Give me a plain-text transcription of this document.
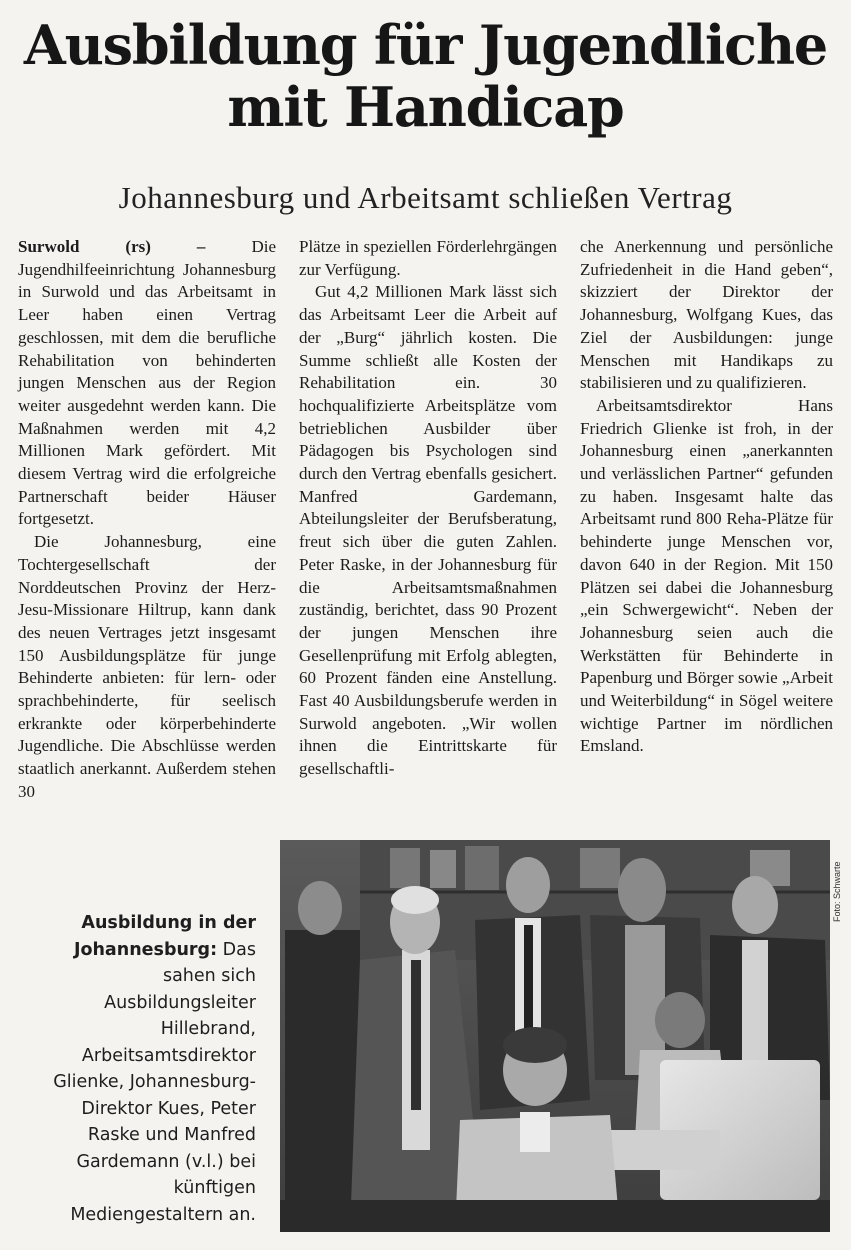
Ausbildung für Jugendliche
mit Handicap
Johannesburg und Arbeitsamt schließen Vertrag

Surwold (rs) – Die Jugendhilfeeinrichtung Johannesburg in Surwold und das Arbeitsamt in Leer haben einen Vertrag geschlossen, mit dem die berufliche Rehabilitation von behinderten jungen Menschen aus der Region weiter ausgedehnt werden kann. Die Maßnahmen werden mit 4,2 Millionen Mark gefördert. Mit diesem Vertrag wird die erfolgreiche Partnerschaft beider Häuser fortgesetzt.

Die Johannesburg, eine Tochtergesellschaft der Norddeutschen Provinz der Herz-Jesu-Missionare Hiltrup, kann dank des neuen Vertrages jetzt insgesamt 150 Ausbildungsplätze für junge Behinderte anbieten: für lern- oder sprachbehinderte, für seelisch erkrankte oder körperbehinderte Jugendliche. Die Abschlüsse werden staatlich anerkannt. Außerdem stehen 30

Plätze in speziellen Förderlehrgängen zur Verfügung.

Gut 4,2 Millionen Mark lässt sich das Arbeitsamt Leer die Arbeit auf der „Burg“ jährlich kosten. Die Summe schließt alle Kosten der Rehabilitation ein. 30 hochqualifizierte Arbeitsplätze vom betrieblichen Ausbilder über Pädagogen bis Psychologen sind durch den Vertrag ebenfalls gesichert. Manfred Gardemann, Abteilungsleiter der Berufsberatung, freut sich über die guten Zahlen. Peter Raske, in der Johannesburg für die Arbeitsamtsmaßnahmen zuständig, berichtet, dass 90 Prozent der jungen Menschen ihre Gesellenprüfung mit Erfolg ablegten, 60 Prozent fänden eine Anstellung. Fast 40 Ausbildungsberufe werden in Surwold angeboten. „Wir wollen ihnen die Eintrittskarte für gesellschaftli-

che Anerkennung und persönliche Zufriedenheit in die Hand geben“, skizziert der Direktor der Johannesburg, Wolfgang Kues, das Ziel der Ausbildungen: junge Menschen mit Handikaps zu stabilisieren und zu qualifizieren.

Arbeitsamtsdirektor Hans Friedrich Glienke ist froh, in der Johannesburg einen „anerkannten und verlässlichen Partner“ gefunden zu haben. Insgesamt halte das Arbeitsamt rund 800 Reha-Plätze für behinderte junge Menschen vor, davon 640 in der Region. Mit 150 Plätzen sei dabei die Johannesburg „ein Schwergewicht“. Neben der Johannesburg seien auch die Werkstätten für Behinderte in Papenburg und Börger sowie „Arbeit und Weiterbildung“ in Sögel weitere wichtige Partner im nördlichen Emsland.

Ausbildung in der Johannesburg: Das sahen sich Ausbildungsleiter Hillebrand, Arbeitsamtsdirektor Glienke, Johannesburg-Direktor Kues, Peter Raske und Manfred Gardemann (v.l.) bei künftigen Mediengestaltern an.
Foto: Schwarte
